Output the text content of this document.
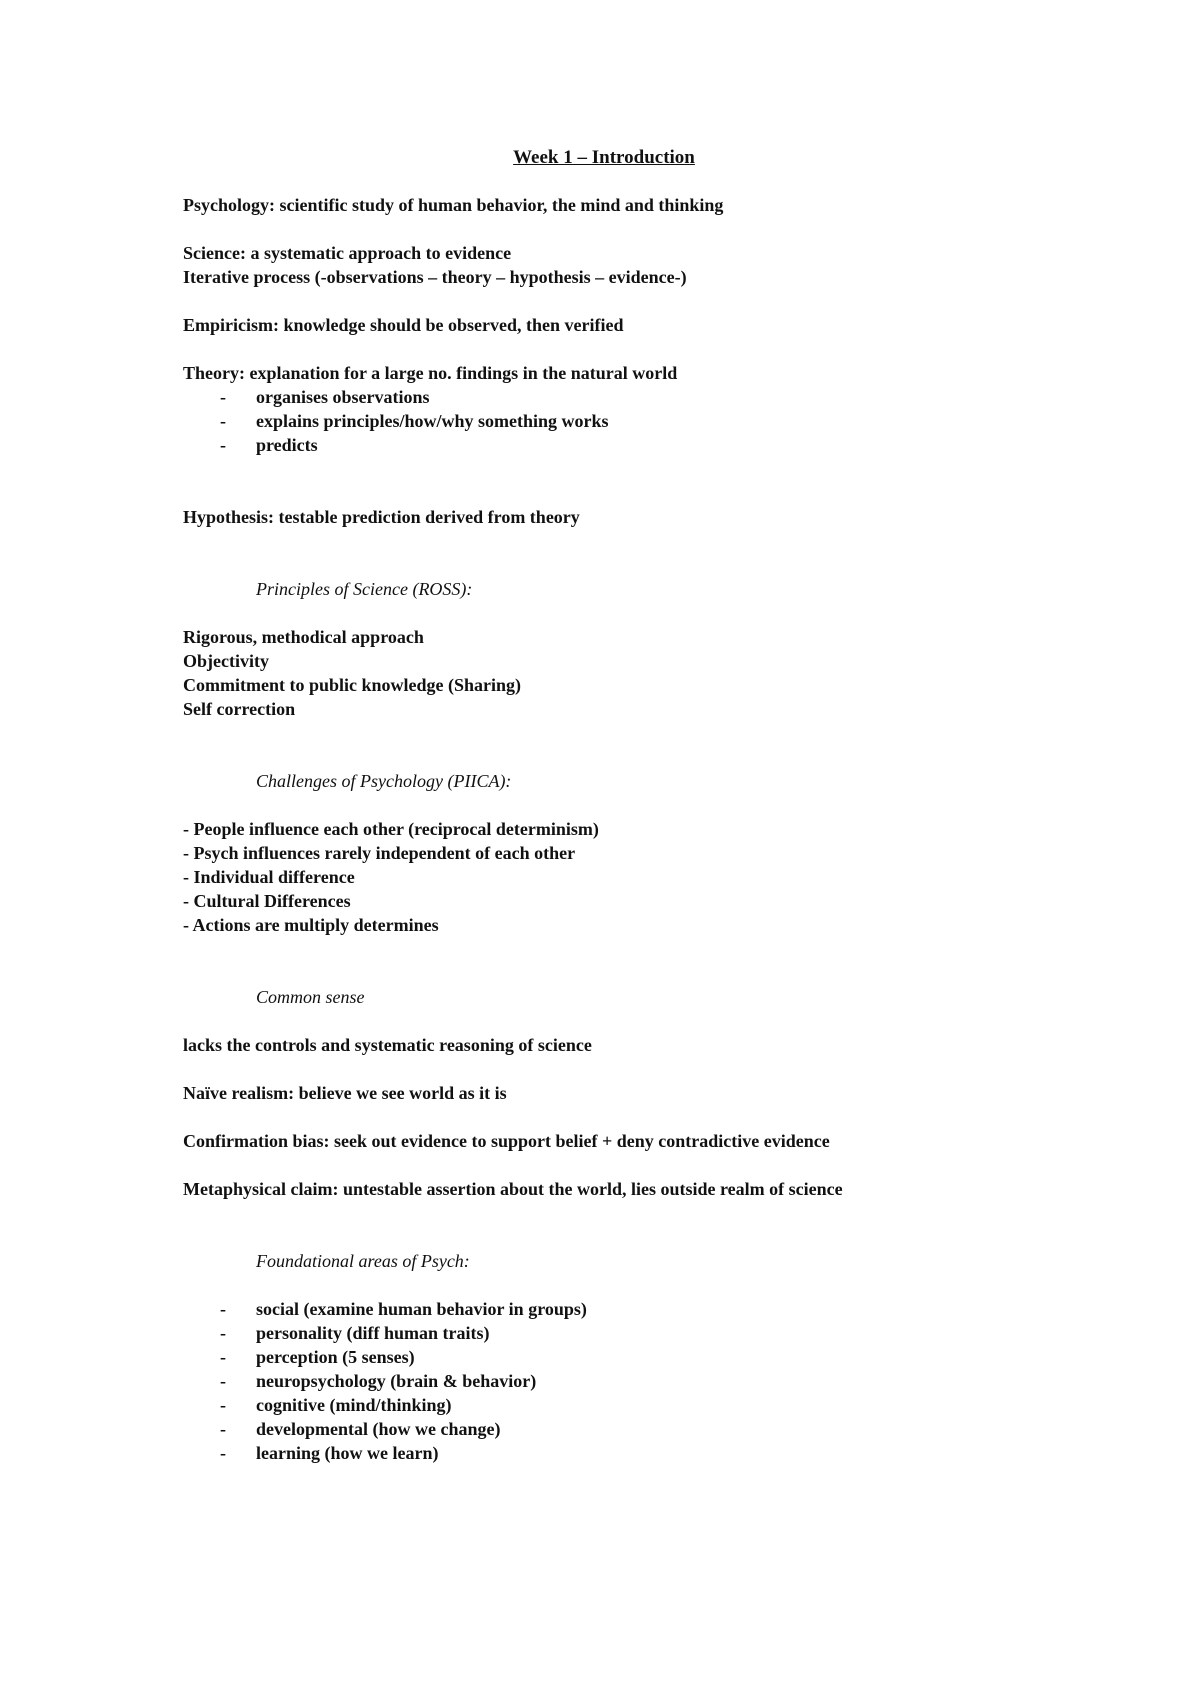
Week 1 – Introduction
Psychology: scientific study of human behavior, the mind and thinking
Science: a systematic approach to evidence
Iterative process (-observations – theory – hypothesis – evidence-)
Empiricism: knowledge should be observed, then verified
Theory: explanation for a large no. findings in the natural world
- organises observations
- explains principles/how/why something works
- predicts
Hypothesis: testable prediction derived from theory
Principles of Science (ROSS):
Rigorous, methodical approach
Objectivity
Commitment to public knowledge (Sharing)
Self correction
Challenges of Psychology (PIICA):
- People influence each other (reciprocal determinism)
- Psych influences rarely independent of each other
- Individual difference
- Cultural Differences
- Actions are multiply determines
Common sense
lacks the controls and systematic reasoning of science
Naïve realism: believe we see world as it is
Confirmation bias: seek out evidence to support belief + deny contradictive evidence
Metaphysical claim: untestable assertion about the world, lies outside realm of science
Foundational areas of Psych:
- social (examine human behavior in groups)
- personality (diff human traits)
- perception (5 senses)
- neuropsychology (brain & behavior)
- cognitive (mind/thinking)
- developmental (how we change)
- learning (how we learn)
